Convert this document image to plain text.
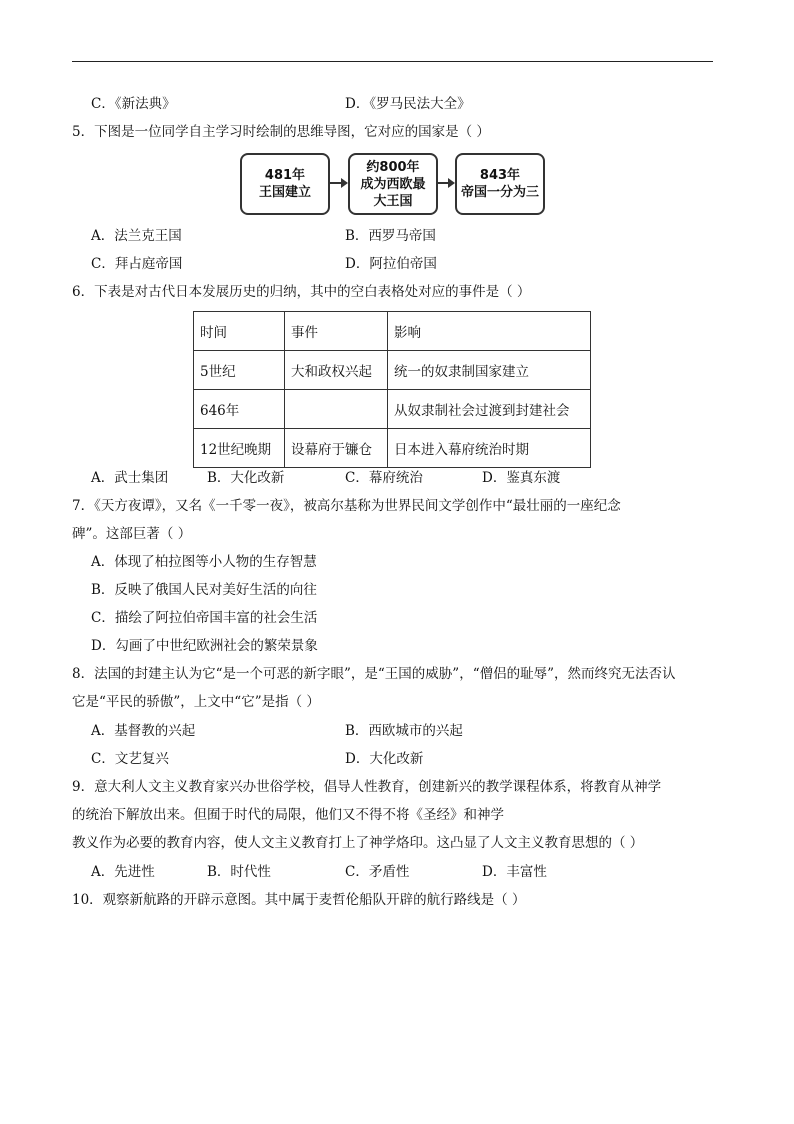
C．《新法典》	D．《罗马民法大全》
5．下图是一位同学自主学习时绘制的思维导图，它对应的国家是（ ）
481年
王国建立
约800年
成为西欧最
大王国
843年
帝国一分为三
A．法兰克王国	B．西罗马帝国
C．拜占庭帝国	D．阿拉伯帝国
6．下表是对古代日本发展历史的归纳，其中的空白表格处对应的事件是（ ）
时间	事件	影响
5世纪	大和政权兴起	统一的奴隶制国家建立
646年		从奴隶制社会过渡到封建社会
12世纪晚期	设幕府于镰仓	日本进入幕府统治时期
A．武士集团	B．大化改新	C．幕府统治	D．鉴真东渡
7．《天方夜谭》，又名《一千零一夜》，被高尔基称为世界民间文学创作中“最壮丽的一座纪念
碑”。这部巨著（ ）
A．体现了柏拉图等小人物的生存智慧
B．反映了俄国人民对美好生活的向往
C．描绘了阿拉伯帝国丰富的社会生活
D．勾画了中世纪欧洲社会的繁荣景象
8．法国的封建主认为它“是一个可恶的新字眼”，是“王国的威胁”，“僧侣的耻辱”，然而终究无法否认
它是“平民的骄傲”，上文中“它”是指（ ）
A．基督教的兴起	B．西欧城市的兴起
C．文艺复兴	D．大化改新
9．意大利人文主义教育家兴办世俗学校，倡导人性教育，创建新兴的教学课程体系，将教育从神学
的统治下解放出来。但囿于时代的局限，他们又不得不将《圣经》和神学
教义作为必要的教育内容，使人文主义教育打上了神学烙印。这凸显了人文主义教育思想的（ ）
A．先进性	B．时代性	C．矛盾性	D．丰富性
10．观察新航路的开辟示意图。其中属于麦哲伦船队开辟的航行路线是（ ）
